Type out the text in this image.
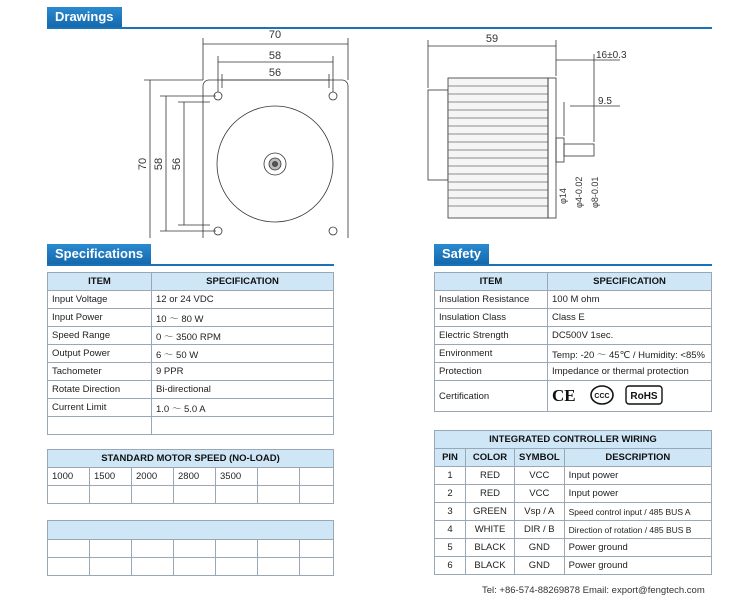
Drawings
70
58
56
70 58 56
59
16±0.3
9.5
φ14 φ4-0.02 φ8-0.01
Specifications
ITEM	SPECIFICATION
Input Voltage	12 or 24 VDC
Input Power	10 ～ 80 W
Speed Range	0 ～ 3500 RPM
Output Power	6 ～ 50 W
Tachometer	9 PPR
Rotate Direction	Bi-directional
Current Limit	1.0 ～ 5.0 A

STANDARD MOTOR SPEED (NO-LOAD)						
1000	1500	2000	2800	3500		

Safety
ITEM	SPECIFICATION
Insulation Resistance	100 M ohm
Insulation Class	Class E
Electric Strength	DC500V 1sec.
Environment	Temp: -20 ～ 45℃ / Humidity: <85%
Protection	Impedance or thermal protection
Certification	CE
CCC
RoHS
INTEGRATED CONTROLLER WIRING			
PIN	COLOR	SYMBOL	DESCRIPTION
1	RED	VCC	Input power
2	RED	VCC	Input power
3	GREEN	Vsp / A	Speed control input / 485 BUS A
4	WHITE	DIR / B	Direction of rotation / 485 BUS B
5	BLACK	GND	Power ground
6	BLACK	GND	Power ground
Tel: +86-574-88269878 Email: export@fengtech.com
